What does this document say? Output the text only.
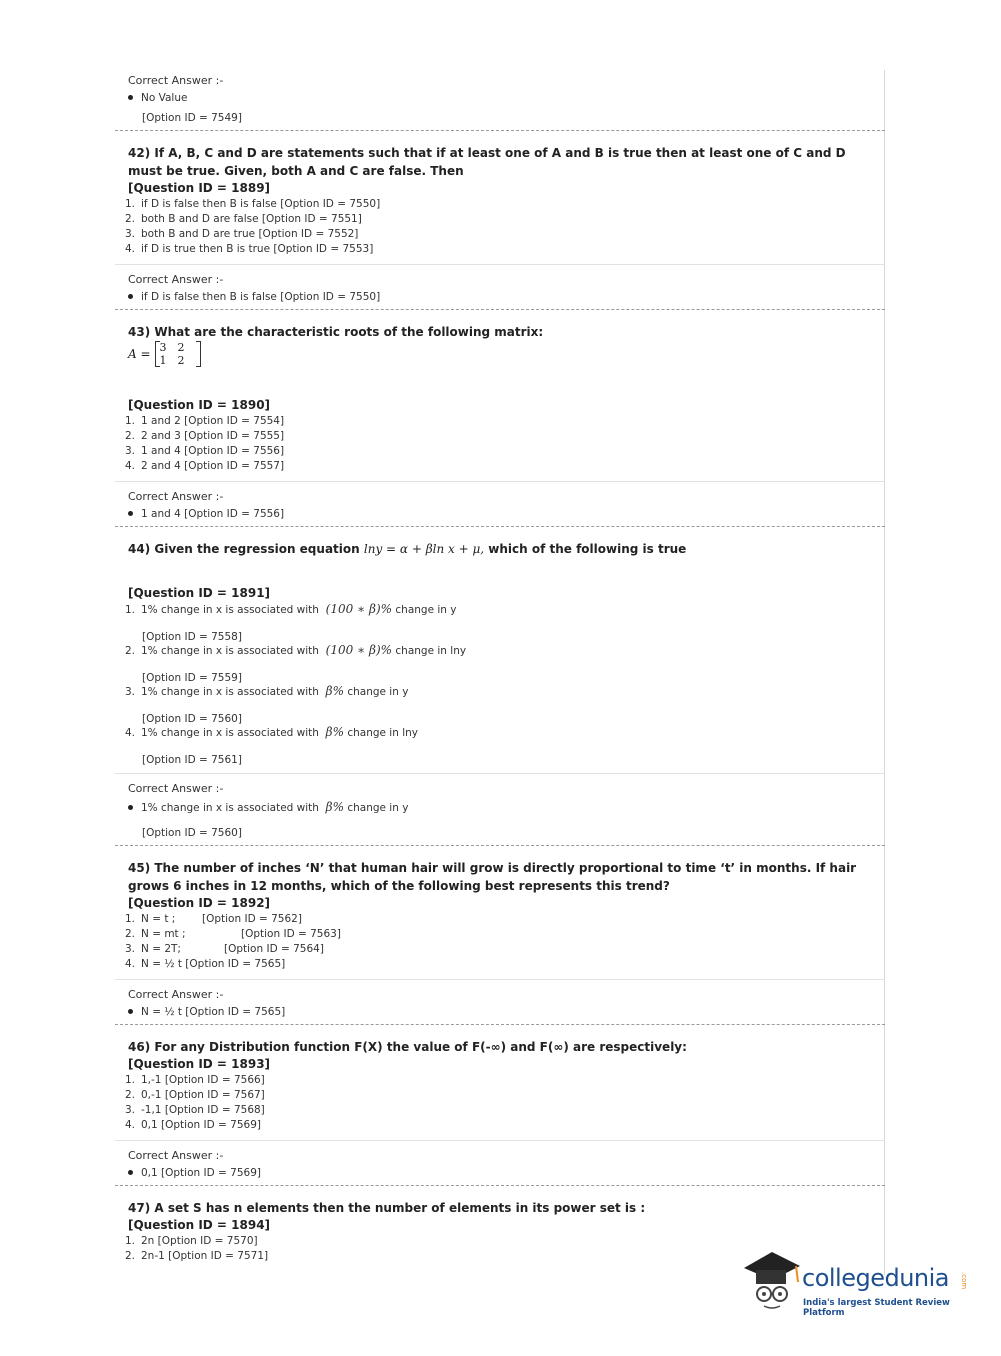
Correct Answer :-
No Value
[Option ID = 7549]
42) If A, B, C and D are statements such that if at least one of A and B is true then at least one of C and D must be true. Given, both A and C are false. Then
[Question ID = 1889]
1. if D is false then B is false [Option ID = 7550]
2. both B and D are false [Option ID = 7551]
3. both B and D are true [Option ID = 7552]
4. if D is true then B is true [Option ID = 7553]
Correct Answer :-
if D is false then B is false [Option ID = 7550]
43) What are the characteristic roots of the following matrix:
A = 3 2
1 2
[Question ID = 1890]
1. 1 and 2 [Option ID = 7554]
2. 2 and 3 [Option ID = 7555]
3. 1 and 4 [Option ID = 7556]
4. 2 and 4 [Option ID = 7557]
Correct Answer :-
1 and 4 [Option ID = 7556]
44) Given the regression equation lny = α + βln x + μ, which of the following is true
[Question ID = 1891]
1. 1% change in x is associated with
(100 ∗ β)%
change in y
[Option ID = 7558]
2. 1% change in x is associated with
(100 ∗ β)%
change in lny
[Option ID = 7559]
3. 1% change in x is associated with
β%
change in y
[Option ID = 7560]
4. 1% change in x is associated with
β%
change in lny
[Option ID = 7561]
Correct Answer :-
1% change in x is associated with
β%
change in y
[Option ID = 7560]
45) The number of inches ‘N’ that human hair will grow is directly proportional to time ‘t’ in months. If hair grows 6 inches in 12 months, which of the following best represents this trend?
[Question ID = 1892]
1. N = t ;	[Option ID = 7562]
2. N = mt ;	[Option ID = 7563]
3. N = 2T;	[Option ID = 7564]
4. N = ½ t [Option ID = 7565]
Correct Answer :-
N = ½ t [Option ID = 7565]
46) For any Distribution function F(X) the value of F(-∞) and F(∞) are respectively:
[Question ID = 1893]
1. 1,-1 [Option ID = 7566]
2. 0,-1 [Option ID = 7567]
3. -1,1 [Option ID = 7568]
4. 0,1 [Option ID = 7569]
Correct Answer :-
0,1 [Option ID = 7569]
47) A set S has n elements then the number of elements in its power set is :
[Question ID = 1894]
1. 2n [Option ID = 7570]
2. 2n-1 [Option ID = 7571]
collegedunia .com
India's largest Student Review Platform
